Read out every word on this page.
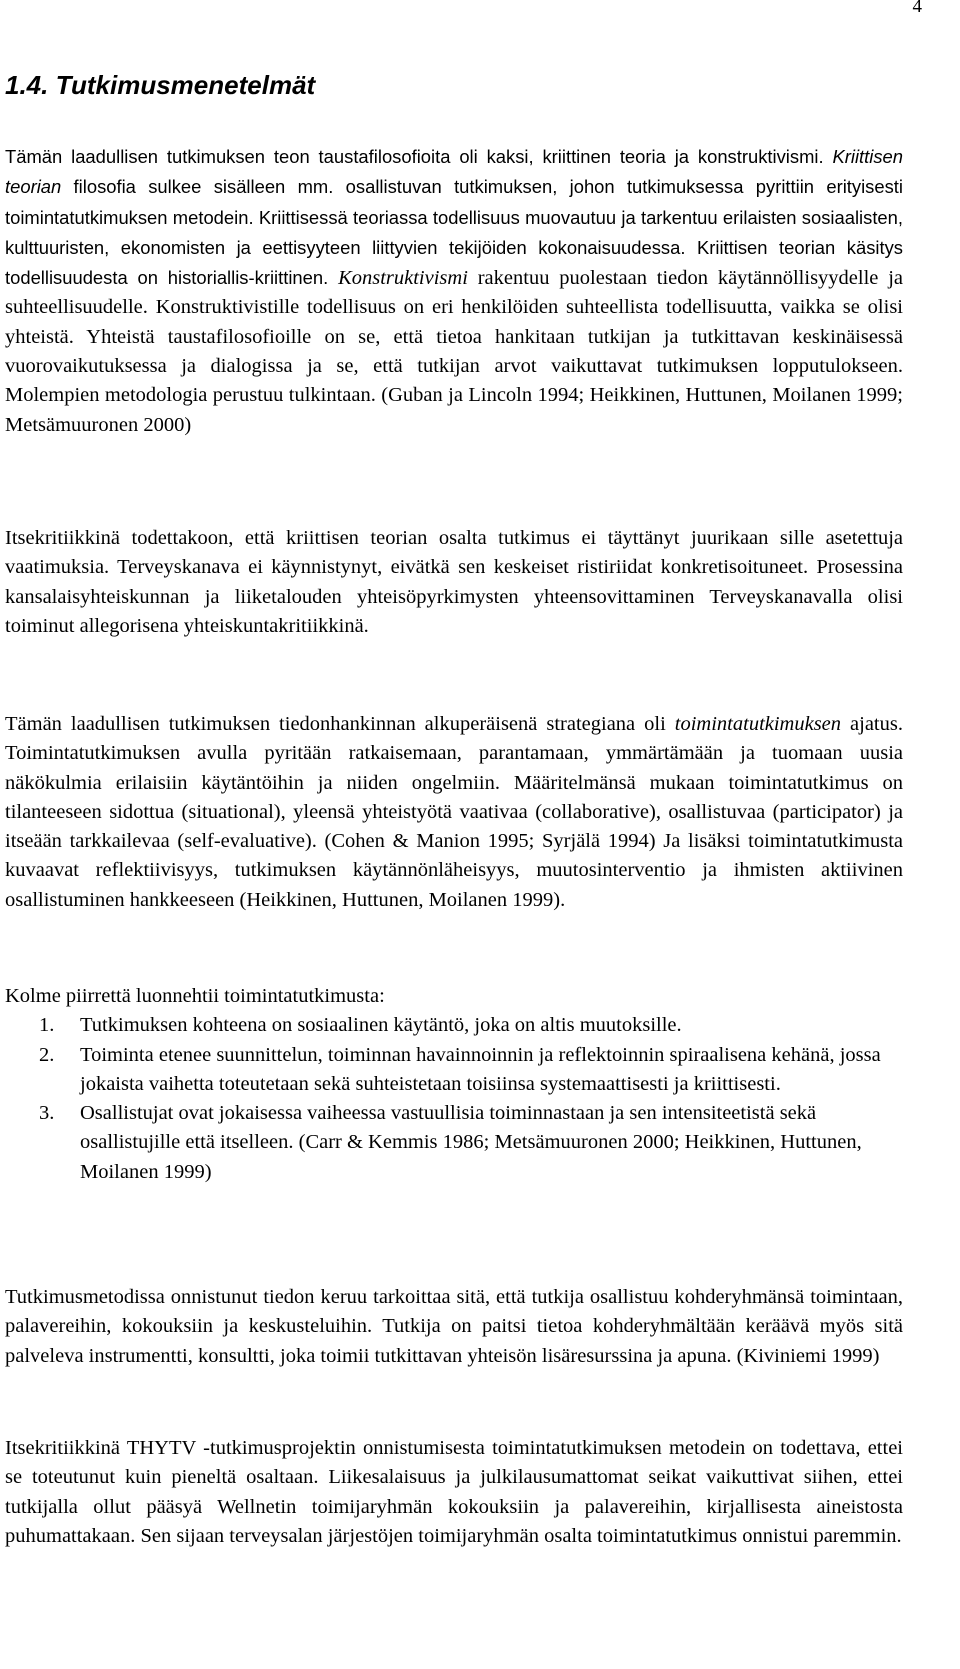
4
1.4. Tutkimusmenetelmät
Tämän laadullisen tutkimuksen teon taustafilosofioita oli kaksi, kriittinen teoria ja konstruktivismi. Kriittisen teorian filosofia sulkee sisälleen mm. osallistuvan tutkimuksen, johon tutkimuksessa pyrittiin erityisesti toimintatutkimuksen metodein. Kriittisessä teoriassa todellisuus muovautuu ja tarkentuu erilaisten sosiaalisten, kulttuuristen, ekonomisten ja eettisyyteen liittyvien tekijöiden kokonaisuudessa. Kriittisen teorian käsitys todellisuudesta on historiallis-kriittinen. Konstruktivismi rakentuu puolestaan tiedon käytännöllisyydelle ja suhteellisuudelle. Konstruktivistille todellisuus on eri henkilöiden suhteellista todellisuutta, vaikka se olisi yhteistä. Yhteistä taustafilosofioille on se, että tietoa hankitaan tutkijan ja tutkittavan keskinäisessä vuorovaikutuksessa ja dialogissa ja se, että tutkijan arvot vaikuttavat tutkimuksen lopputulokseen. Molempien metodologia perustuu tulkintaan. (Guban ja Lincoln 1994; Heikkinen, Huttunen, Moilanen 1999; Metsämuuronen 2000)
Itsekritiikkinä todettakoon, että kriittisen teorian osalta tutkimus ei täyttänyt juurikaan sille asetettuja vaatimuksia. Terveyskanava ei käynnistynyt, eivätkä sen keskeiset ristiriidat konkretisoituneet. Prosessina kansalaisyhteiskunnan ja liiketalouden yhteisöpyrkimysten yhteensovittaminen Terveyskanavalla olisi toiminut allegorisena yhteiskuntakritiikkinä.
Tämän laadullisen tutkimuksen tiedonhankinnan alkuperäisenä strategiana oli toimintatutkimuksen ajatus. Toimintatutkimuksen avulla pyritään ratkaisemaan, parantamaan, ymmärtämään ja tuomaan uusia näkökulmia erilaisiin käytäntöihin ja niiden ongelmiin. Määritelmänsä mukaan toimintatutkimus on tilanteeseen sidottua (situational), yleensä yhteistyötä vaativaa (collaborative), osallistuvaa (participator) ja itseään tarkkailevaa (self-evaluative). (Cohen & Manion 1995; Syrjälä 1994) Ja lisäksi toimintatutkimusta kuvaavat reflektiivisyys, tutkimuksen käytännönläheisyys, muutosinterventio ja ihmisten aktiivinen osallistuminen hankkeeseen (Heikkinen, Huttunen, Moilanen 1999).
Kolme piirrettä luonnehtii toimintatutkimusta:
1. Tutkimuksen kohteena on sosiaalinen käytäntö, joka on altis muutoksille.
2. Toiminta etenee suunnittelun, toiminnan havainnoinnin ja reflektoinnin spiraalisena kehänä, jossa jokaista vaihetta toteutetaan sekä suhteistetaan toisiinsa systemaattisesti ja kriittisesti.
3. Osallistujat ovat jokaisessa vaiheessa vastuullisia toiminnastaan ja sen intensiteetistä sekä osallistujille että itselleen. (Carr & Kemmis 1986; Metsämuuronen 2000; Heikkinen, Huttunen, Moilanen 1999)
Tutkimusmetodissa onnistunut tiedon keruu tarkoittaa sitä, että tutkija osallistuu kohderyhmänsä toimintaan, palavereihin, kokouksiin ja keskusteluihin. Tutkija on paitsi tietoa kohderyhmältään keräävä myös sitä palveleva instrumentti, konsultti, joka toimii tutkittavan yhteisön lisäresurssina ja apuna. (Kiviniemi 1999)
Itsekritiikkinä THYTV -tutkimusprojektin onnistumisesta toimintatutkimuksen metodein on todettava, ettei se toteutunut kuin pieneltä osaltaan. Liikesalaisuus ja julkilausumattomat seikat vaikuttivat siihen, ettei tutkijalla ollut pääsyä Wellnetin toimijaryhmän kokouksiin ja palavereihin, kirjallisesta aineistosta puhumattakaan. Sen sijaan terveysalan järjestöjen toimijaryhmän osalta toimintatutkimus onnistui paremmin.
